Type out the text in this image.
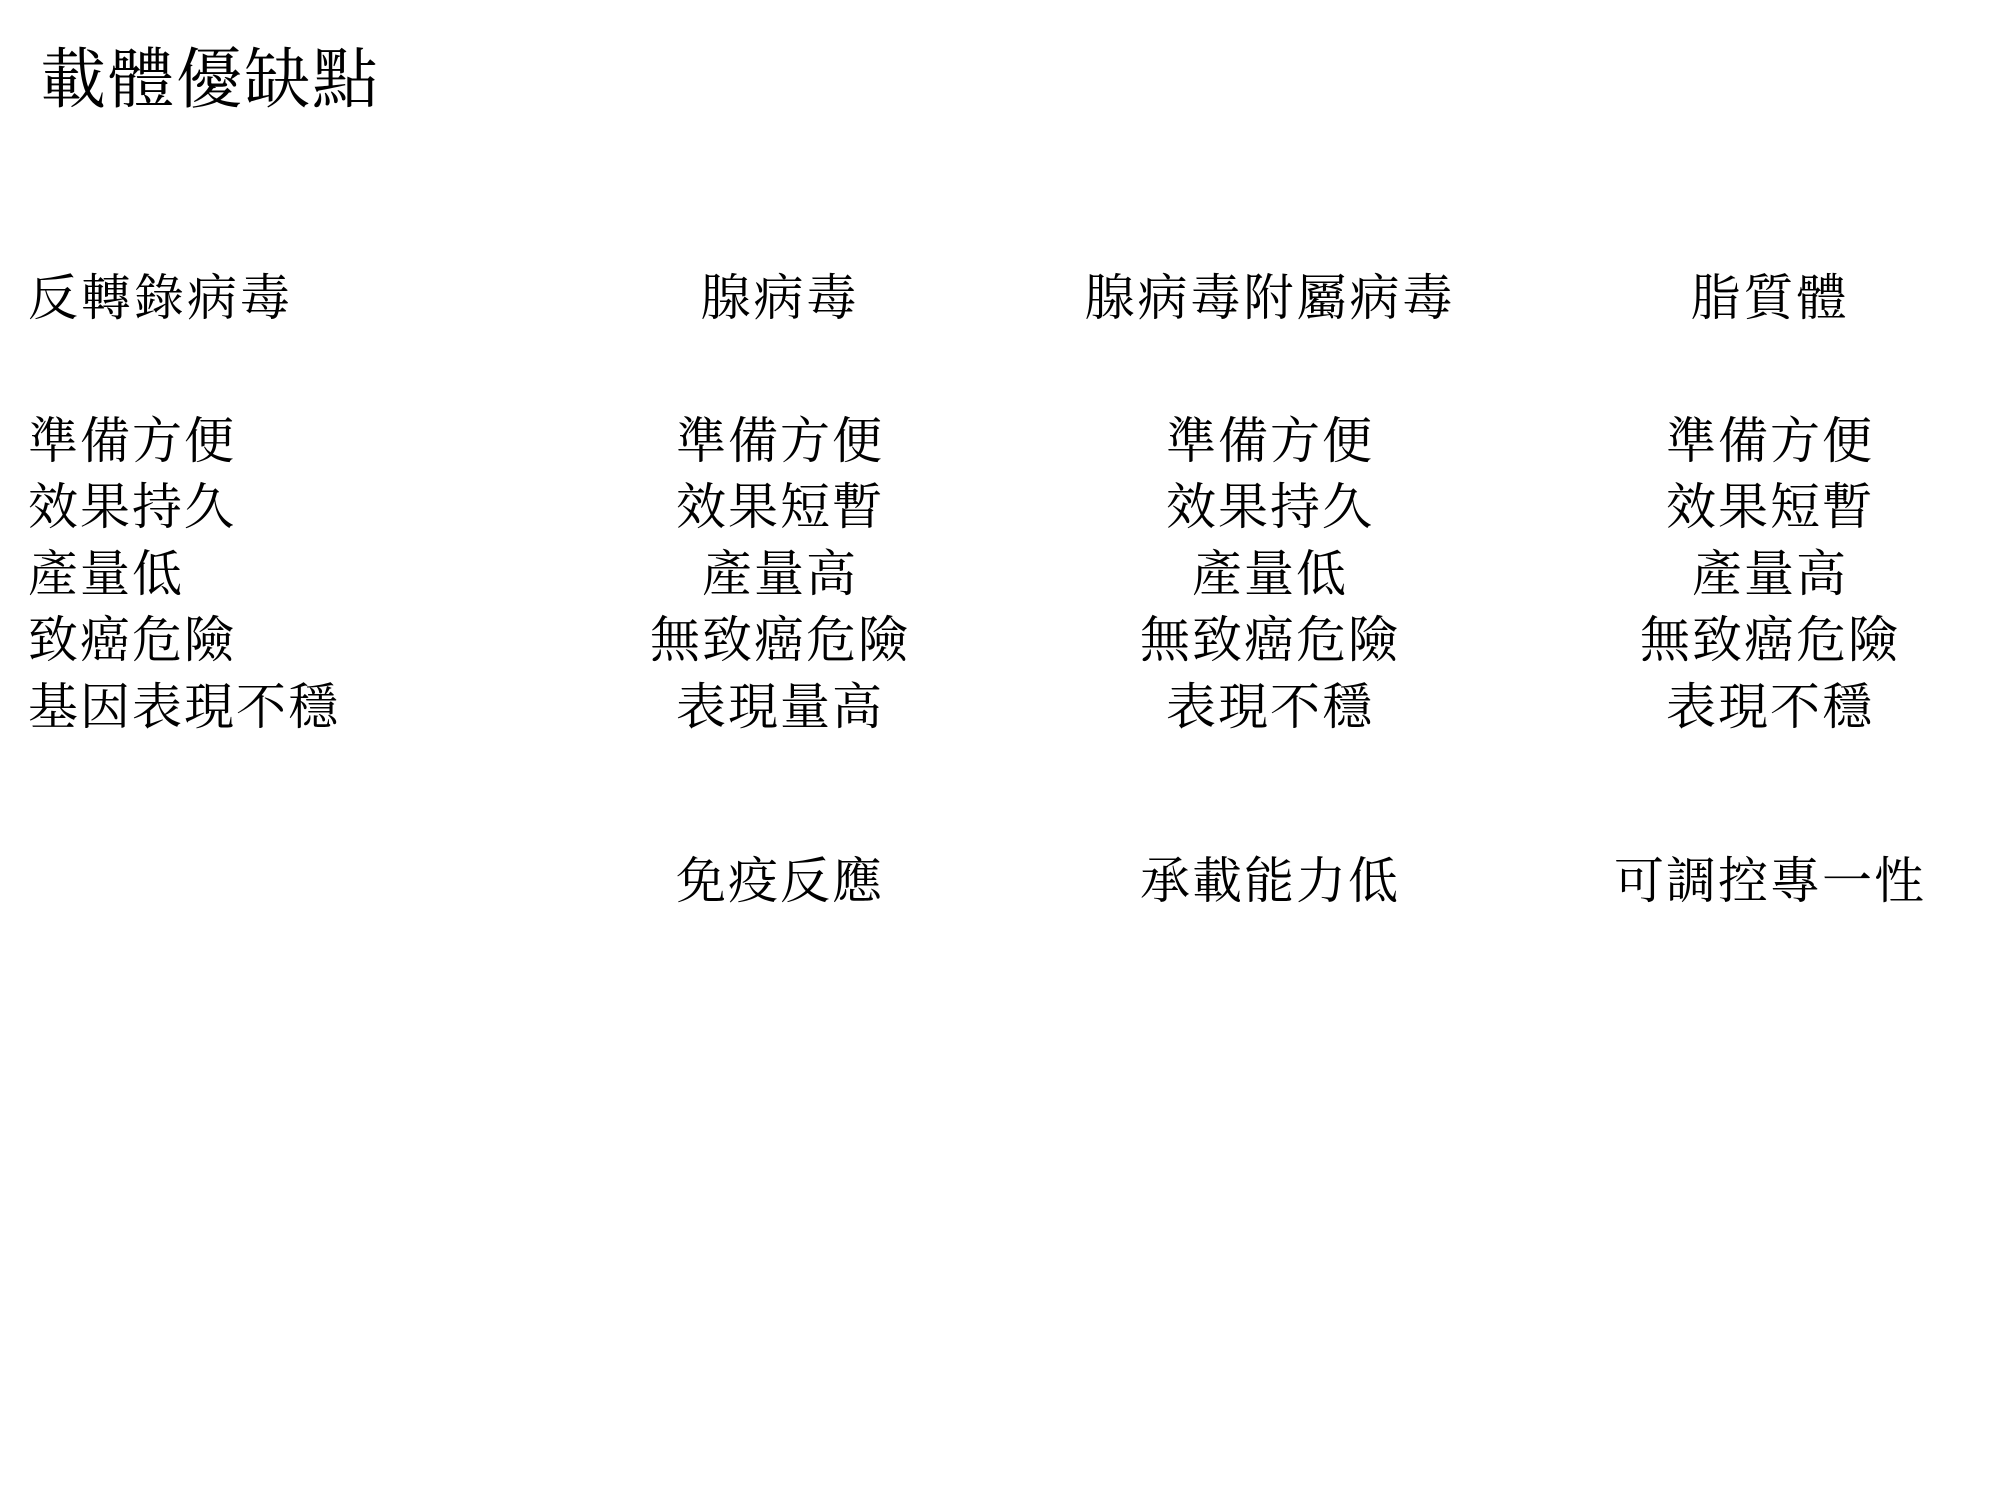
載體優缺點
反轉錄病毒
準備方便
效果持久
產量低
致癌危險
基因表現不穩
腺病毒
準備方便
效果短暫
產量高
無致癌危險
表現量高
免疫反應
腺病毒附屬病毒
準備方便
效果持久
產量低
無致癌危險
表現不穩
承載能力低
脂質體
準備方便
效果短暫
產量高
無致癌危險
表現不穩
可調控專一性
